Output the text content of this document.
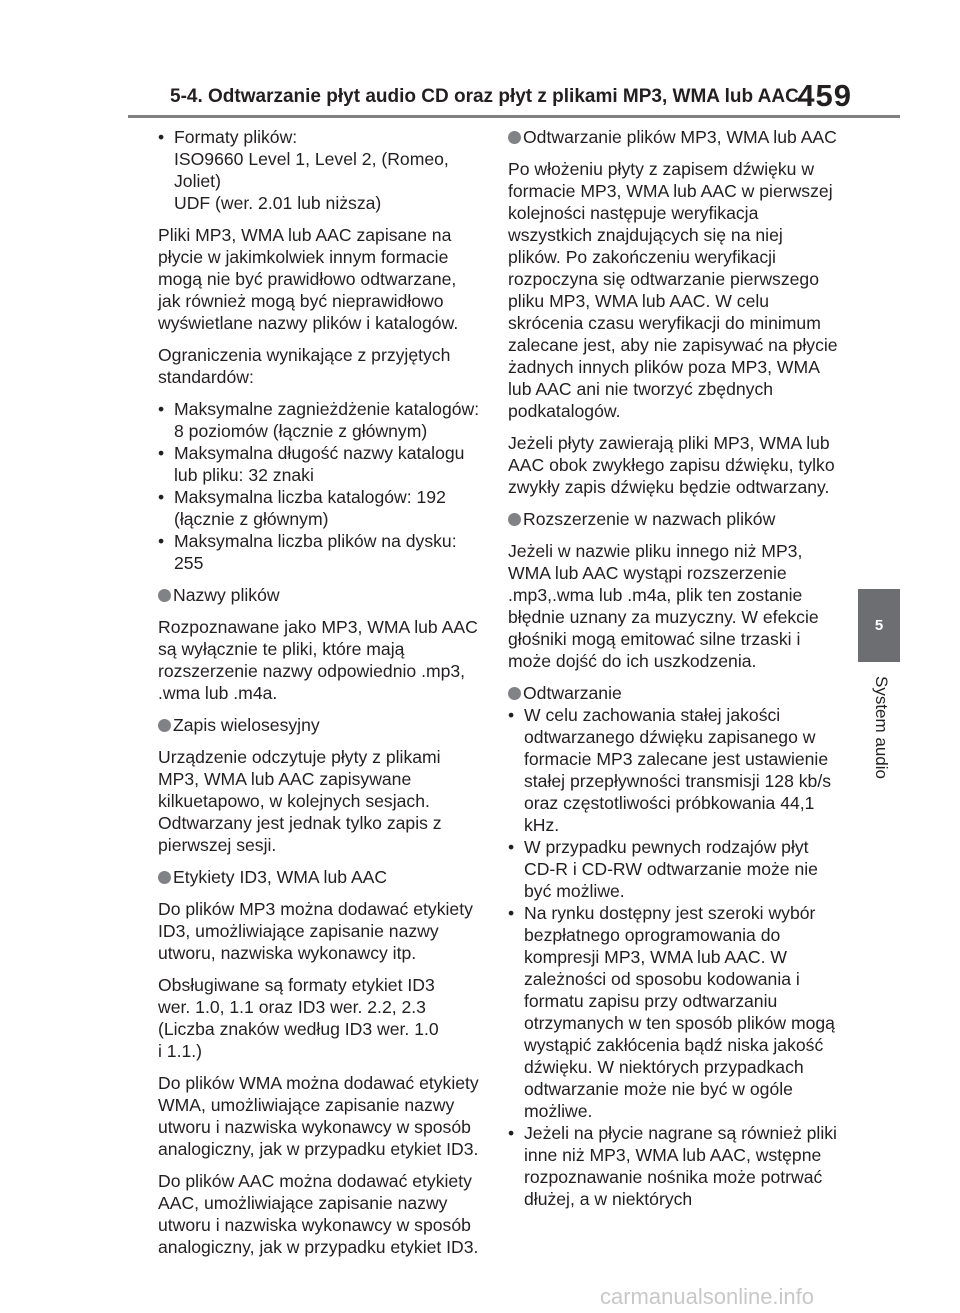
5-4. Odtwarzanie płyt audio CD oraz płyt z plikami MP3, WMA lub AAC
459
5
System audio
• Formaty plików:
ISO9660 Level 1, Level 2, (Romeo,
Joliet)
UDF (wer. 2.01 lub niższa)

Pliki MP3, WMA lub AAC zapisane na płycie w jakimkolwiek innym formacie mogą nie być prawidłowo odtwarzane, jak również mogą być nieprawidłowo wyświetlane nazwy plików i katalogów.

Ograniczenia wynikające z przyjętych standardów:

• Maksymalne zagnieżdżenie katalogów: 8 poziomów (łącznie z głównym)
• Maksymalna długość nazwy katalogu lub pliku: 32 znaki
• Maksymalna liczba katalogów: 192 (łącznie z głównym)
• Maksymalna liczba plików na dysku: 255
Nazwy plików

Rozpoznawane jako MP3, WMA lub AAC są wyłącznie te pliki, które mają rozszerzenie nazwy odpowiednio .mp3, .wma lub .m4a.

Zapis wielosesyjny

Urządzenie odczytuje płyty z plikami MP3, WMA lub AAC zapisywane kilkuetapowo, w kolejnych sesjach. Odtwarzany jest jednak tylko zapis z pierwszej sesji.

Etykiety ID3, WMA lub AAC

Do plików MP3 można dodawać etykiety ID3, umożliwiające zapisanie nazwy utworu, nazwiska wykonawcy itp.

Obsługiwane są formaty etykiet ID3
wer. 1.0, 1.1 oraz ID3 wer. 2.2, 2.3
(Liczba znaków według ID3 wer. 1.0
i 1.1.)

Do plików WMA można dodawać etykiety WMA, umożliwiające zapisanie nazwy utworu i nazwiska wykonawcy w sposób analogiczny, jak w przypadku etykiet ID3.

Do plików AAC można dodawać etykiety AAC, umożliwiające zapisanie nazwy utworu i nazwiska wykonawcy w sposób analogiczny, jak w przypadku etykiet ID3.

Odtwarzanie plików MP3, WMA lub AAC

Po włożeniu płyty z zapisem dźwięku w formacie MP3, WMA lub AAC w pierwszej kolejności następuje weryfikacja wszystkich znajdujących się na niej plików. Po zakończeniu weryfikacji rozpoczyna się odtwarzanie pierwszego pliku MP3, WMA lub AAC. W celu skrócenia czasu weryfikacji do minimum zalecane jest, aby nie zapisywać na płycie żadnych innych plików poza MP3, WMA lub AAC ani nie tworzyć zbędnych podkatalogów.

Jeżeli płyty zawierają pliki MP3, WMA lub AAC obok zwykłego zapisu dźwięku, tylko zwykły zapis dźwięku będzie odtwarzany.

Rozszerzenie w nazwach plików

Jeżeli w nazwie pliku innego niż MP3, WMA lub AAC wystąpi rozszerzenie .mp3,.wma lub .m4a, plik ten zostanie błędnie uznany za muzyczny. W efekcie głośniki mogą emitować silne trzaski i może dojść do ich uszkodzenia.

Odtwarzanie
• W celu zachowania stałej jakości odtwarzanego dźwięku zapisanego w formacie MP3 zalecane jest ustawienie stałej przepływności transmisji 128 kb/s oraz częstotliwości próbkowania 44,1 kHz.
• W przypadku pewnych rodzajów płyt CD-R i CD-RW odtwarzanie może nie być możliwe.
• Na rynku dostępny jest szeroki wybór bezpłatnego oprogramowania do kompresji MP3, WMA lub AAC. W zależności od sposobu kodowania i formatu zapisu przy odtwarzaniu otrzymanych w ten sposób plików mogą wystąpić zakłócenia bądź niska jakość dźwięku. W niektórych przypadkach odtwarzanie może nie być w ogóle możliwe.
• Jeżeli na płycie nagrane są również pliki inne niż MP3, WMA lub AAC, wstępne rozpoznawanie nośnika może potrwać dłużej, a w niektórych
carmanualsonline.info
